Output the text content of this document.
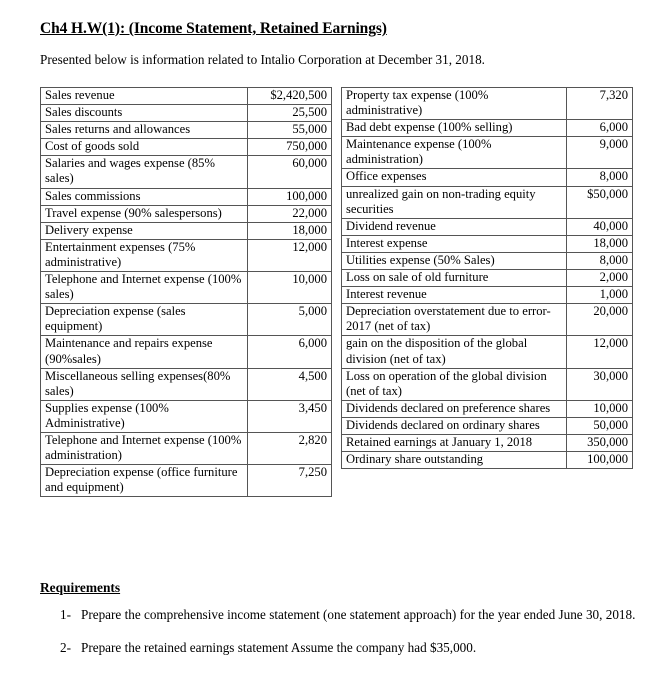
Ch4 H.W(1): (Income Statement, Retained Earnings)
Presented below is information related to Intalio Corporation at December 31, 2018.
Sales revenue	$2,420,500
Sales discounts	25,500
Sales returns and allowances	55,000
Cost of goods sold	750,000
Salaries and wages expense (85% sales)	60,000
Sales commissions	100,000
Travel expense (90% salespersons)	22,000
Delivery expense	18,000
Entertainment expenses (75% administrative)	12,000
Telephone and Internet expense (100% sales)	10,000
Depreciation expense (sales equipment)	5,000
Maintenance and repairs expense (90%sales)	6,000
Miscellaneous selling expenses(80% sales)	4,500
Supplies expense (100% Administrative)	3,450
Telephone and Internet expense (100% administration)	2,820
Depreciation expense (office furniture and equipment)	7,250
Property tax expense (100% administrative)	7,320
Bad debt expense (100% selling)	6,000
Maintenance expense (100% administration)	9,000
Office expenses	8,000
unrealized gain on non-trading equity securities	$50,000
Dividend revenue	40,000
Interest expense	18,000
Utilities expense (50% Sales)	8,000
Loss on sale of old furniture	2,000
Interest revenue	1,000
Depreciation overstatement due to error-2017 (net of tax)	20,000
gain on the disposition of the global division (net of tax)	12,000
Loss on operation of the global division (net of tax)	30,000
Dividends declared on preference shares	10,000
Dividends declared on ordinary shares	50,000
Retained earnings at January 1, 2018	350,000
Ordinary share outstanding	100,000
Requirements
1- Prepare the comprehensive income statement (one statement approach) for the year ended June 30, 2018.
2- Prepare the retained earnings statement Assume the company had $35,000.
